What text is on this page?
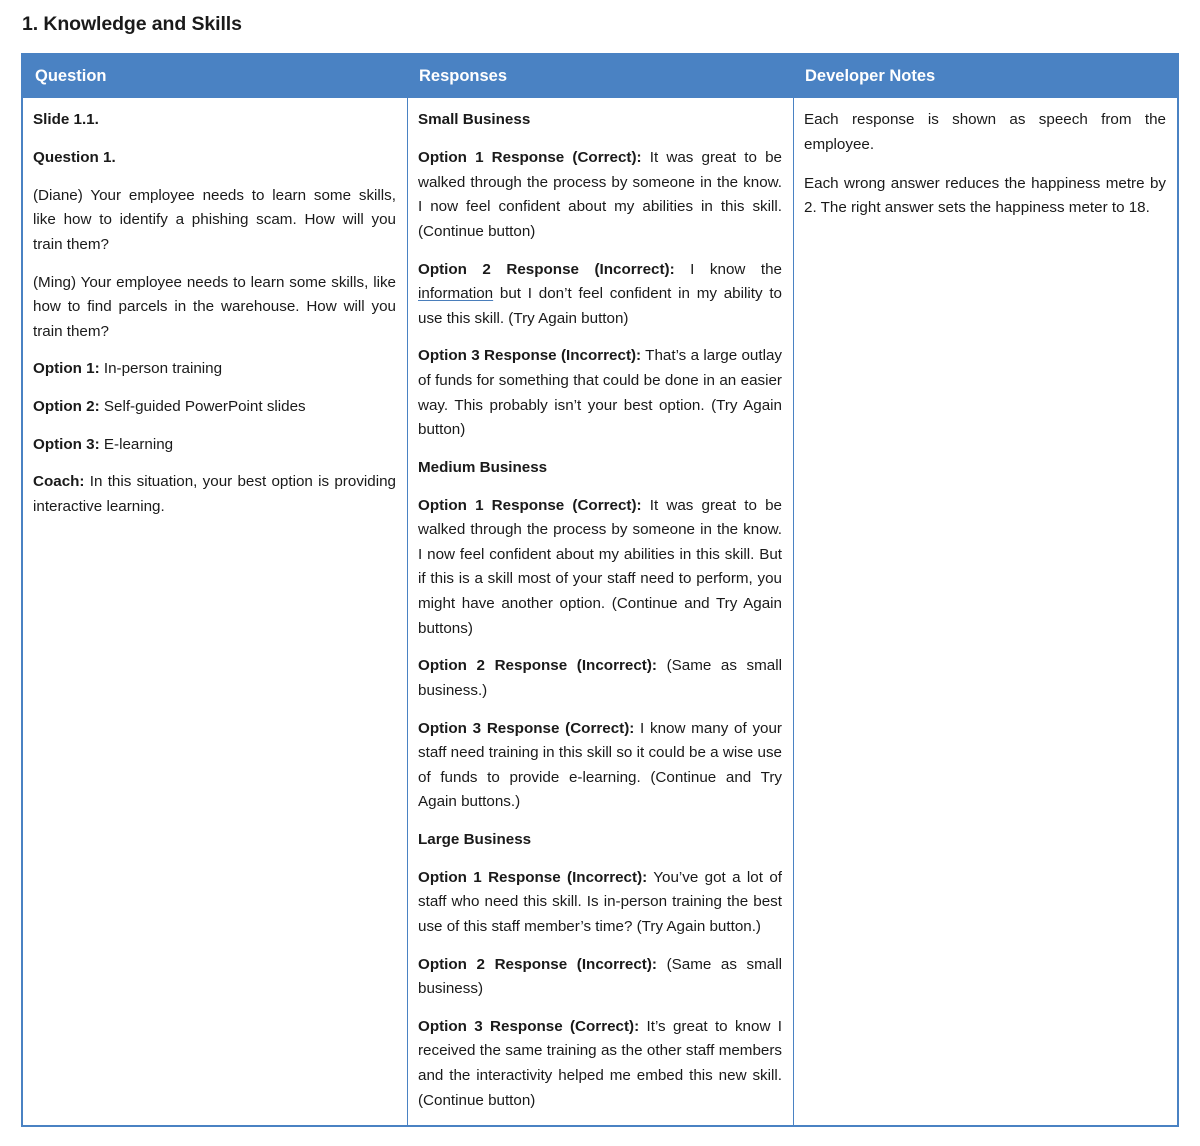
1. Knowledge and Skills
Question	Responses	Developer Notes

Slide 1.1.

Question 1.

(Diane) Your employee needs to learn some skills, like how to identify a phishing scam. How will you train them?

(Ming) Your employee needs to learn some skills, like how to find parcels in the warehouse. How will you train them?

Option 1: In-person training

Option 2: Self-guided PowerPoint slides

Option 3: E-learning

Coach: In this situation, your best option is providing interactive learning.

Small Business

Option 1 Response (Correct): It was great to be walked through the process by someone in the know. I now feel confident about my abilities in this skill. (Continue button)

Option 2 Response (Incorrect): I know the information but I don’t feel confident in my ability to use this skill. (Try Again button)

Option 3 Response (Incorrect): That’s a large outlay of funds for something that could be done in an easier way. This probably isn’t your best option. (Try Again button)

Medium Business

Option 1 Response (Correct): It was great to be walked through the process by someone in the know. I now feel confident about my abilities in this skill. But if this is a skill most of your staff need to perform, you might have another option. (Continue and Try Again buttons)

Option 2 Response (Incorrect): (Same as small business.)

Option 3 Response (Correct): I know many of your staff need training in this skill so it could be a wise use of funds to provide e-learning. (Continue and Try Again buttons.)

Large Business

Option 1 Response (Incorrect): You’ve got a lot of staff who need this skill. Is in-person training the best use of this staff member’s time? (Try Again button.)

Option 2 Response (Incorrect): (Same as small business)

Option 3 Response (Correct): It’s great to know I received the same training as the other staff members and the interactivity helped me embed this new skill. (Continue button)

Each response is shown as speech from the employee.

Each wrong answer reduces the happiness metre by 2. The right answer sets the happiness meter to 18.
